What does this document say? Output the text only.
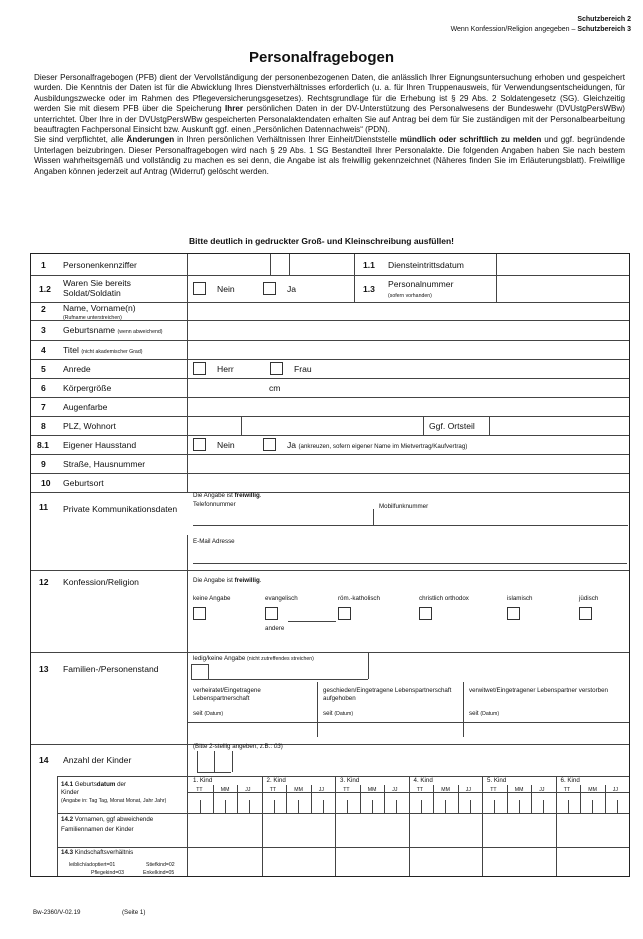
Schutzbereich 2
Wenn Konfession/Religion angegeben – Schutzbereich 3
Personalfragebogen

Dieser Personalfragebogen (PFB) dient der Vervollständigung der personenbezogenen Daten, die anlässlich Ihrer Eignungsuntersuchung erhoben und gespeichert wurden. Die Kenntnis der Daten ist für die Abwicklung Ihres Dienstverhältnisses erforderlich (u. a. für Ihren Truppenausweis, für Verwendungsentscheidungen, für Ausbildungszwecke oder im Rahmen des Pflegeversicherungsgesetzes). Rechtsgrundlage für die Erhebung ist § 29 Abs. 2 Soldatengesetz (SG). Gleichzeitig werden Sie mit diesem PFB über die Speicherung Ihrer persönlichen Daten in der DV-Unterstützung des Personalwesens der Bundeswehr (DVUstgPersWBw) unterrichtet. Über Ihre in der DVUstgPersWBw gespeicherten Personalaktendaten erhalten Sie auf Antrag bei dem für Sie zuständigen mit der Personalbearbeitung beauftragten Fachpersonal Einsicht bzw. Auskunft ggf. einen „Persönlichen Datennachweis“ (PDN).

Sie sind verpflichtet, alle Änderungen in Ihren persönlichen Verhältnissen Ihrer Einheit/Dienststelle mündlich oder schriftlich zu melden und ggf. begründende Unterlagen beizubringen. Dieser Personalfragebogen wird nach § 29 Abs. 1 SG Bestandteil Ihrer Personalakte. Die folgenden Angaben haben Sie nach bestem Wissen wahrheitsgemäß und vollständig zu machen es sei denn, die Angabe ist als freiwillig gekennzeichnet (Näheres finden Sie im Erläuterungsblatt). Freiwillige Angaben können jederzeit auf Antrag (Widerruf) gelöscht werden.

Bitte deutlich in gedruckter Groß- und Kleinschreibung ausfüllen!
1 Personenkennziffer	1.1 Diensteintrittsdatum
1.2
Waren Sie bereits Soldat/Soldatin	Nein	Ja	1.3 Personalnummer
(sofern vorhanden)
2 Name, Vorname(n)
(Rufname unterstreichen)
3 Geburtsname (wenn abweichend)
4 Titel (nicht akademischer Grad)
5 Anrede	Herr	Frau
6 Körpergröße	cm
7 Augenfarbe
8 PLZ, Wohnort	Ggf. Ortsteil
8.1 Eigener Hausstand	Nein	Ja (ankreuzen, sofern eigener Name im Mietvertrag/Kaufvertrag)
9 Straße, Hausnummer
10 Geburtsort
11 Private Kommunikationsdaten
Die Angabe ist freiwillig.
Telefonnummer	Mobilfunknummer
E-Mail Adresse
12 Konfession/Religion	Die Angabe ist freiwillig.
keine Angabe	evangelisch
andere
röm.-katholisch	christlich orthodox	islamisch	jüdisch
13 Familien-/Personenstand
ledig/keine Angabe (nicht zutreffendes streichen)
verheiratet/Eingetragene Lebenspartnerschaft
seit (Datum)
geschieden/Eingetragene Lebenspartnerschaft aufgehoben
seit (Datum)
verwitwet/Eingetragener Lebenspartner verstorben
seit (Datum)
14 Anzahl der Kinder
(Bitte 2-stellig angeben, z.B.: 03)
14.1 Geburtsdatum der
Kinder
(Angabe in: Tag Tag, Monat Monat, Jahr Jahr)
14.2 Vornamen, ggf abweichende Familiennamen der Kinder
14.3 Kindschaftsverhältnis
leiblich/adoptiert=01	Stiefkind=02
Pflegekind=03	Enkelkind=05
1. Kind
TT	MM	JJ
2. Kind
TT	MM	JJ
3. Kind
TT	MM	JJ
4. Kind
TT	MM	JJ
5. Kind
TT	MM	JJ
6. Kind
TT	MM	JJ
Bw-2360/V-02.19	(Seite 1)
